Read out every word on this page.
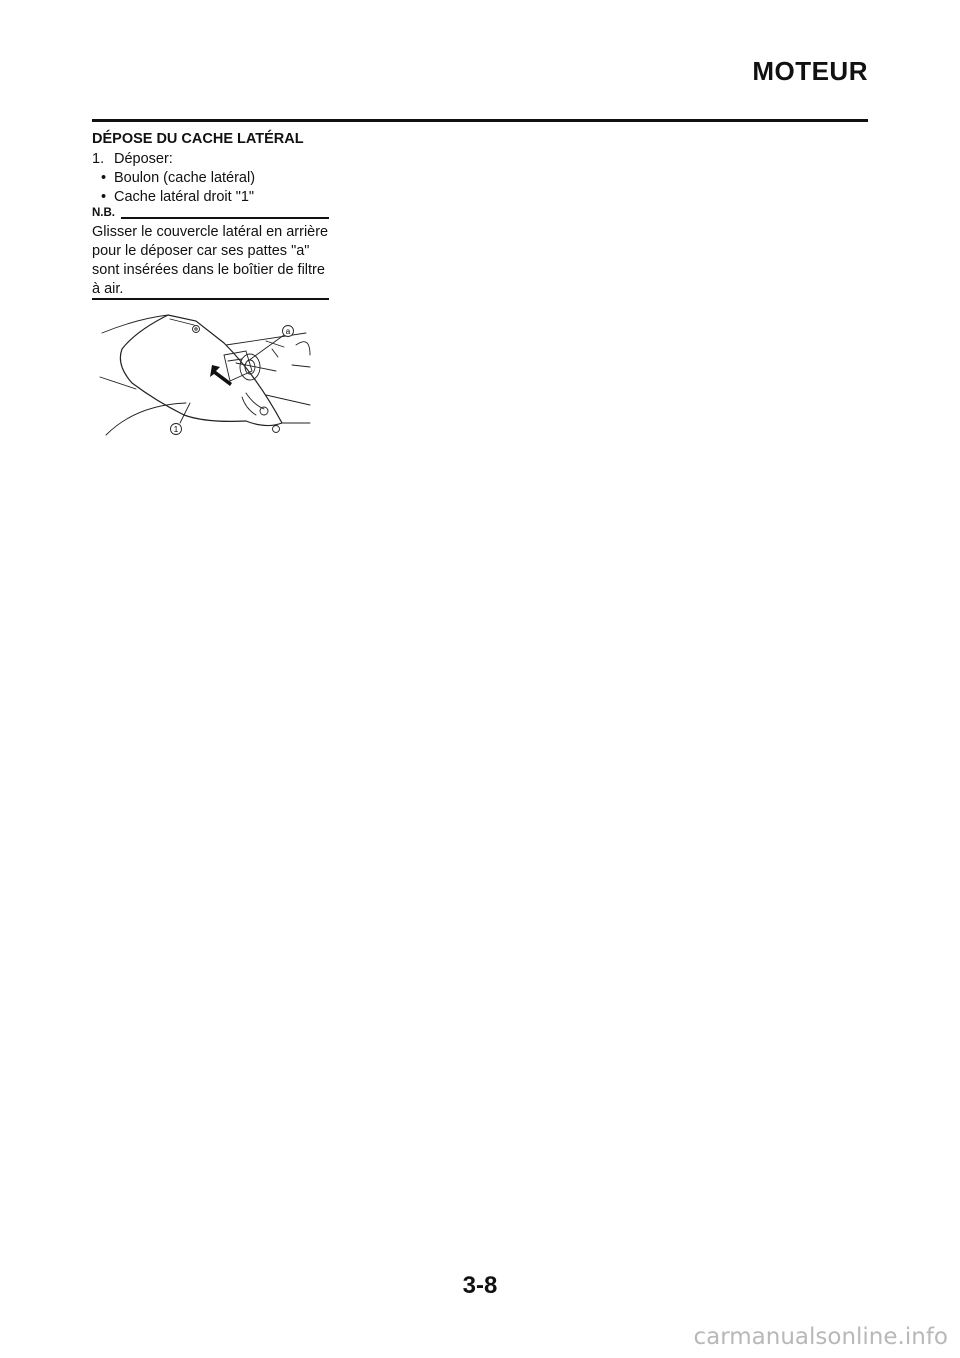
MOTEUR
DÉPOSE DU CACHE LATÉRAL
1. Déposer:
• Boulon (cache latéral)
• Cache latéral droit "1"
N.B.
Glisser le couvercle latéral en arrière pour le déposer car ses pattes "a" sont insérées dans le boîtier de filtre à air.
a
1
3-8
carmanualsonline.info
